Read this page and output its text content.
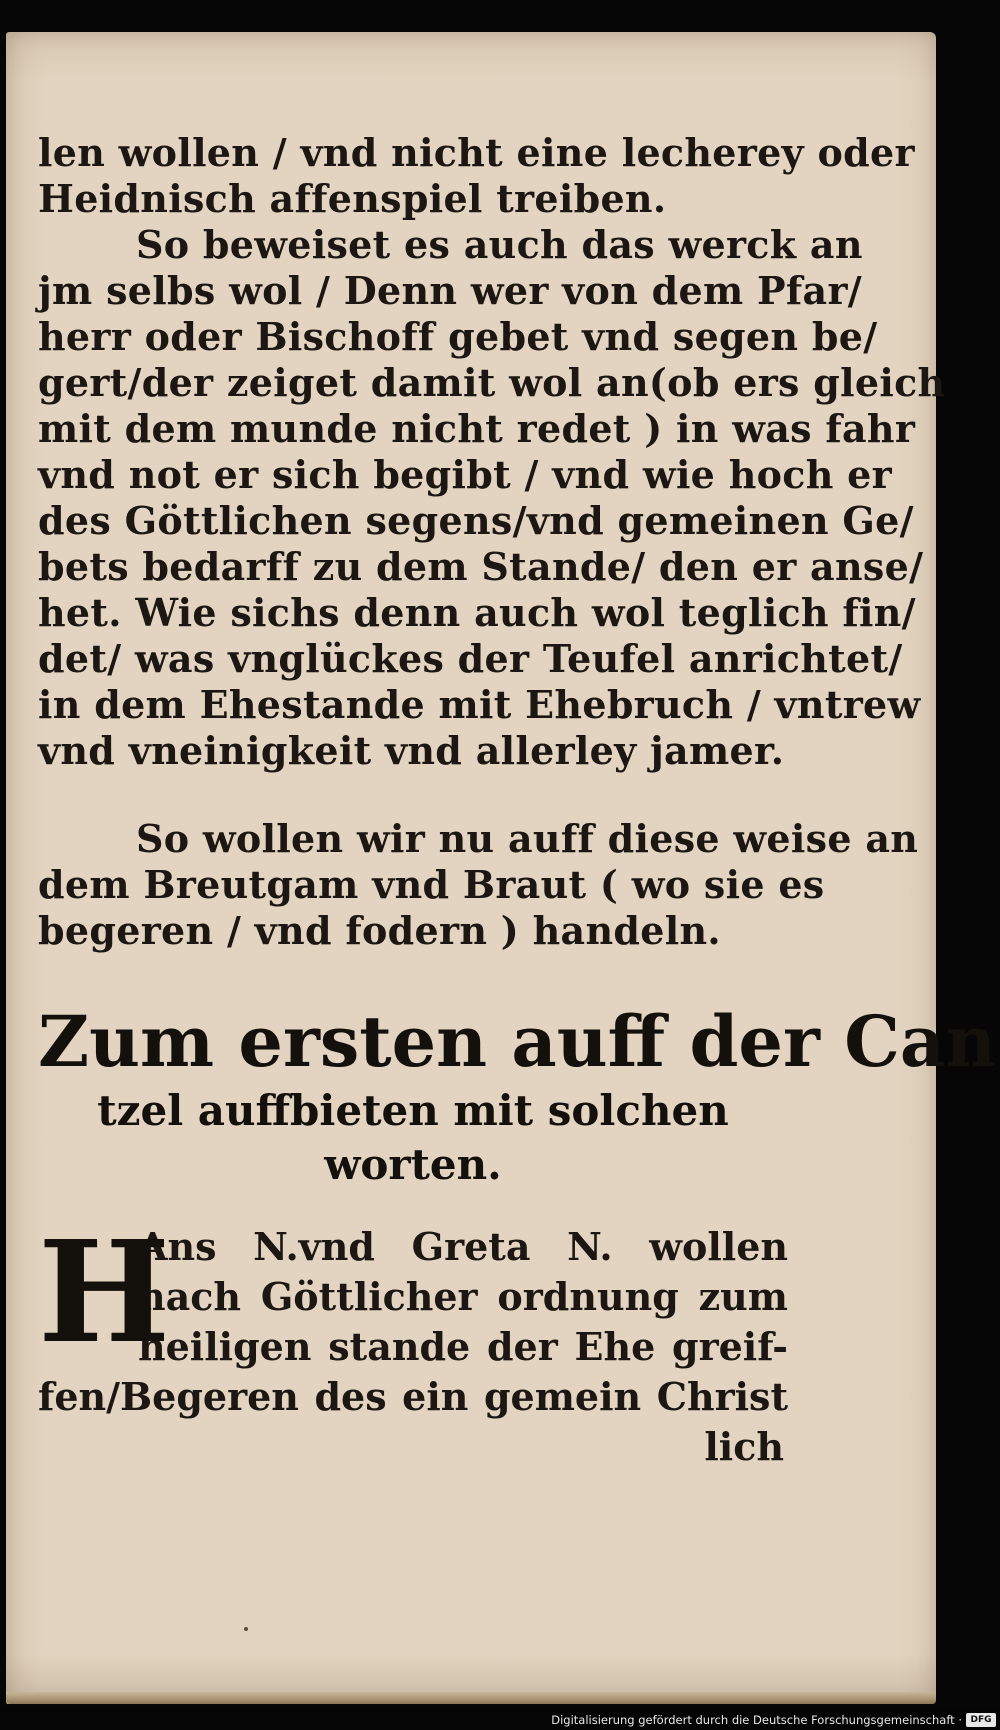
len wollen / vnd nicht eine lecherey oder
Heidnisch affenspiel treiben.
So beweiset es auch das werck an
jm selbs wol / Denn wer von dem Pfar/
herr oder Bischoff gebet vnd segen be/
gert/der zeiget damit wol an(ob ers gleich
mit dem munde nicht redet ) in was fahr
vnd not er sich begibt / vnd wie hoch er
des Göttlichen segens/vnd gemeinen Ge/
bets bedarff zu dem Stande/ den er anse/
het. Wie sichs denn auch wol teglich fin/
det/ was vnglückes der Teufel anrichtet/
in dem Ehestande mit Ehebruch / vntrew
vnd vneinigkeit vnd allerley jamer.
So wollen wir nu auff diese weise an
dem Breutgam vnd Braut ( wo sie es
begeren / vnd fodern ) handeln.
Zum ersten auff der Can
tzel auffbieten mit solchen
worten.
H
Ans N.vnd Greta N. wollen
nach Göttlicher ordnung zum
heiligen stande der Ehe greif-
fen/Begeren des ein gemein Christ
lich
Digitalisierung gefördert durch die Deutsche Forschungsgemeinschaft · DFG
